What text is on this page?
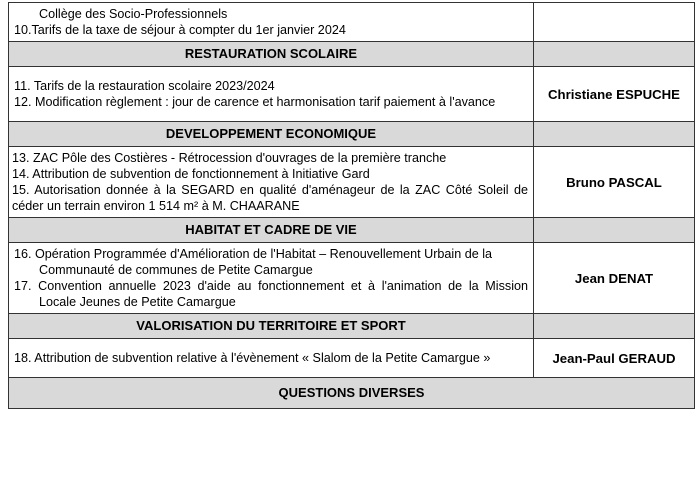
Collège des Socio-Professionnels
10.Tarifs de la taxe de séjour à compter du 1er janvier 2024	

RESTAURATION SCOLAIRE	

11. Tarifs de la restauration scolaire 2023/2024
12. Modification règlement : jour de carence et harmonisation tarif paiement à l'avance	Christiane ESPUCHE
DEVELOPPEMENT ECONOMIQUE	

13. ZAC Pôle des Costières - Rétrocession d'ouvrages de la première tranche
14. Attribution de subvention de fonctionnement à Initiative Gard
15. Autorisation donnée à la SEGARD en qualité d'aménageur de la ZAC Côté Soleil de céder un terrain environ 1 514 m² à M. CHAARANE	Bruno PASCAL
HABITAT ET CADRE DE VIE	

16. Opération Programmée d'Amélioration de l'Habitat – Renouvellement Urbain de la Communauté de communes de Petite Camargue
17. Convention annuelle 2023 d'aide au fonctionnement et à l'animation de la Mission Locale Jeunes de Petite Camargue	Jean DENAT
VALORISATION DU TERRITOIRE ET SPORT	

18. Attribution de subvention relative à l'évènement « Slalom de la Petite Camargue »	Jean-Paul GERAUD
QUESTIONS DIVERSES	
